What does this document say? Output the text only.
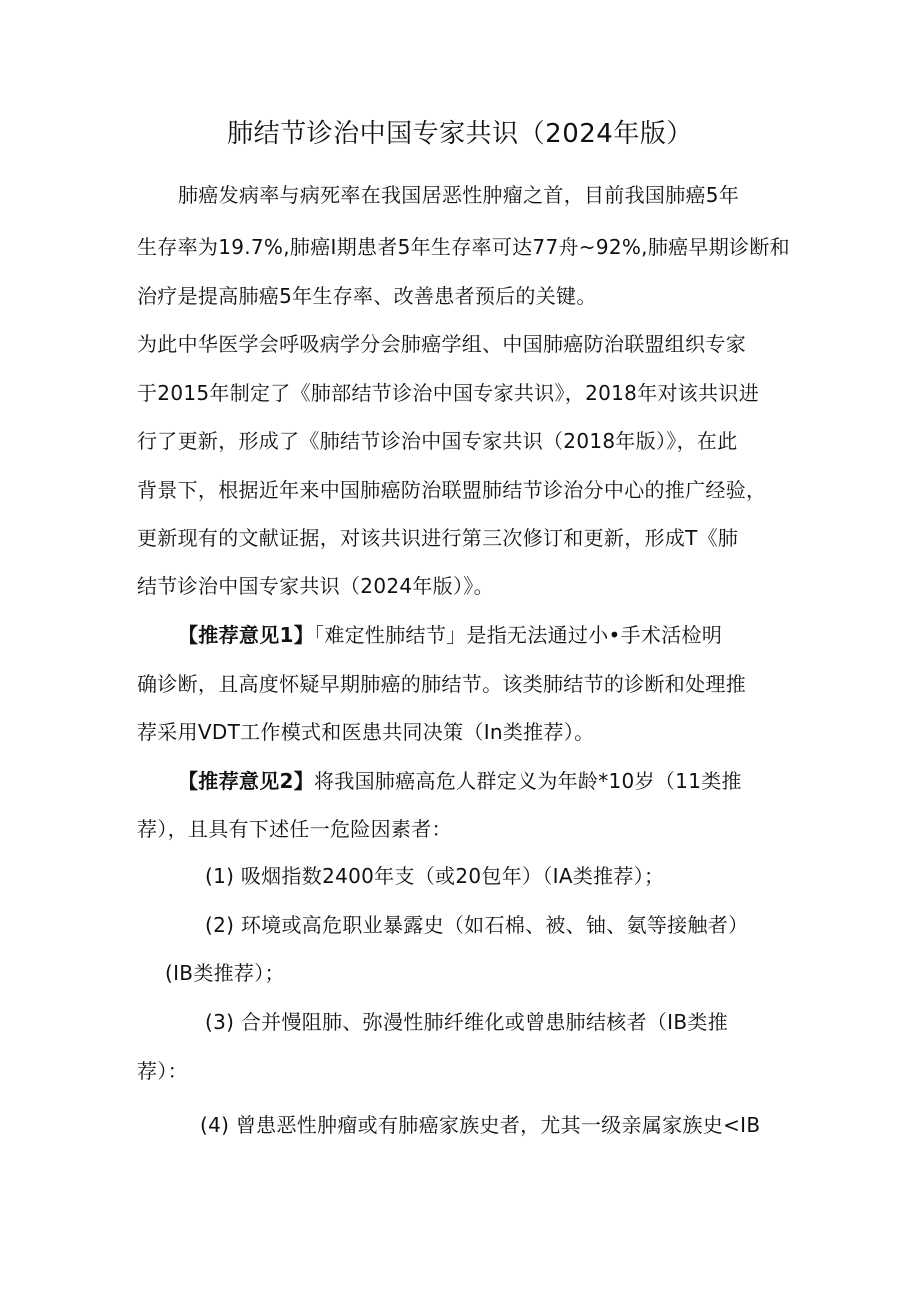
肺结节诊治中国专家共识（2024年版）
肺癌发病率与病死率在我国居恶性肿瘤之首，目前我国肺癌5年
生存率为19.7%,肺癌I期患者5年生存率可达77舟~92%,肺癌早期诊断和
治疗是提高肺癌5年生存率、改善患者预后的关键。
为此中华医学会呼吸病学分会肺癌学组、中国肺癌防治联盟组织专家
于2015年制定了《肺部结节诊治中国专家共识》，2018年对该共识进
行了更新，形成了《肺结节诊治中国专家共识（2018年版）》，在此
背景下，根据近年来中国肺癌防治联盟肺结节诊治分中心的推广经验，
更新现有的文献证据，对该共识进行第三次修订和更新，形成T《肺
结节诊治中国专家共识（2024年版）》。
【推荐意见1】「难定性肺结节」是指无法通过小•手术活检明
确诊断，且高度怀疑早期肺癌的肺结节。该类肺结节的诊断和处理推
荐采用VDT工作模式和医患共同决策（In类推荐）。
【推荐意见2】将我国肺癌高危人群定义为年龄*10岁（11类推
荐），且具有下述任一危险因素者：
(1) 吸烟指数2400年支（或20包年）（IA类推荐）；
(2) 环境或高危职业暴露史（如石棉、被、铀、氨等接触者）
(IB类推荐）；
(3) 合并慢阻肺、弥漫性肺纤维化或曾患肺结核者（IB类推
荐）：
(4) 曾患恶性肿瘤或有肺癌家族史者，尤其一级亲属家族史<IB
